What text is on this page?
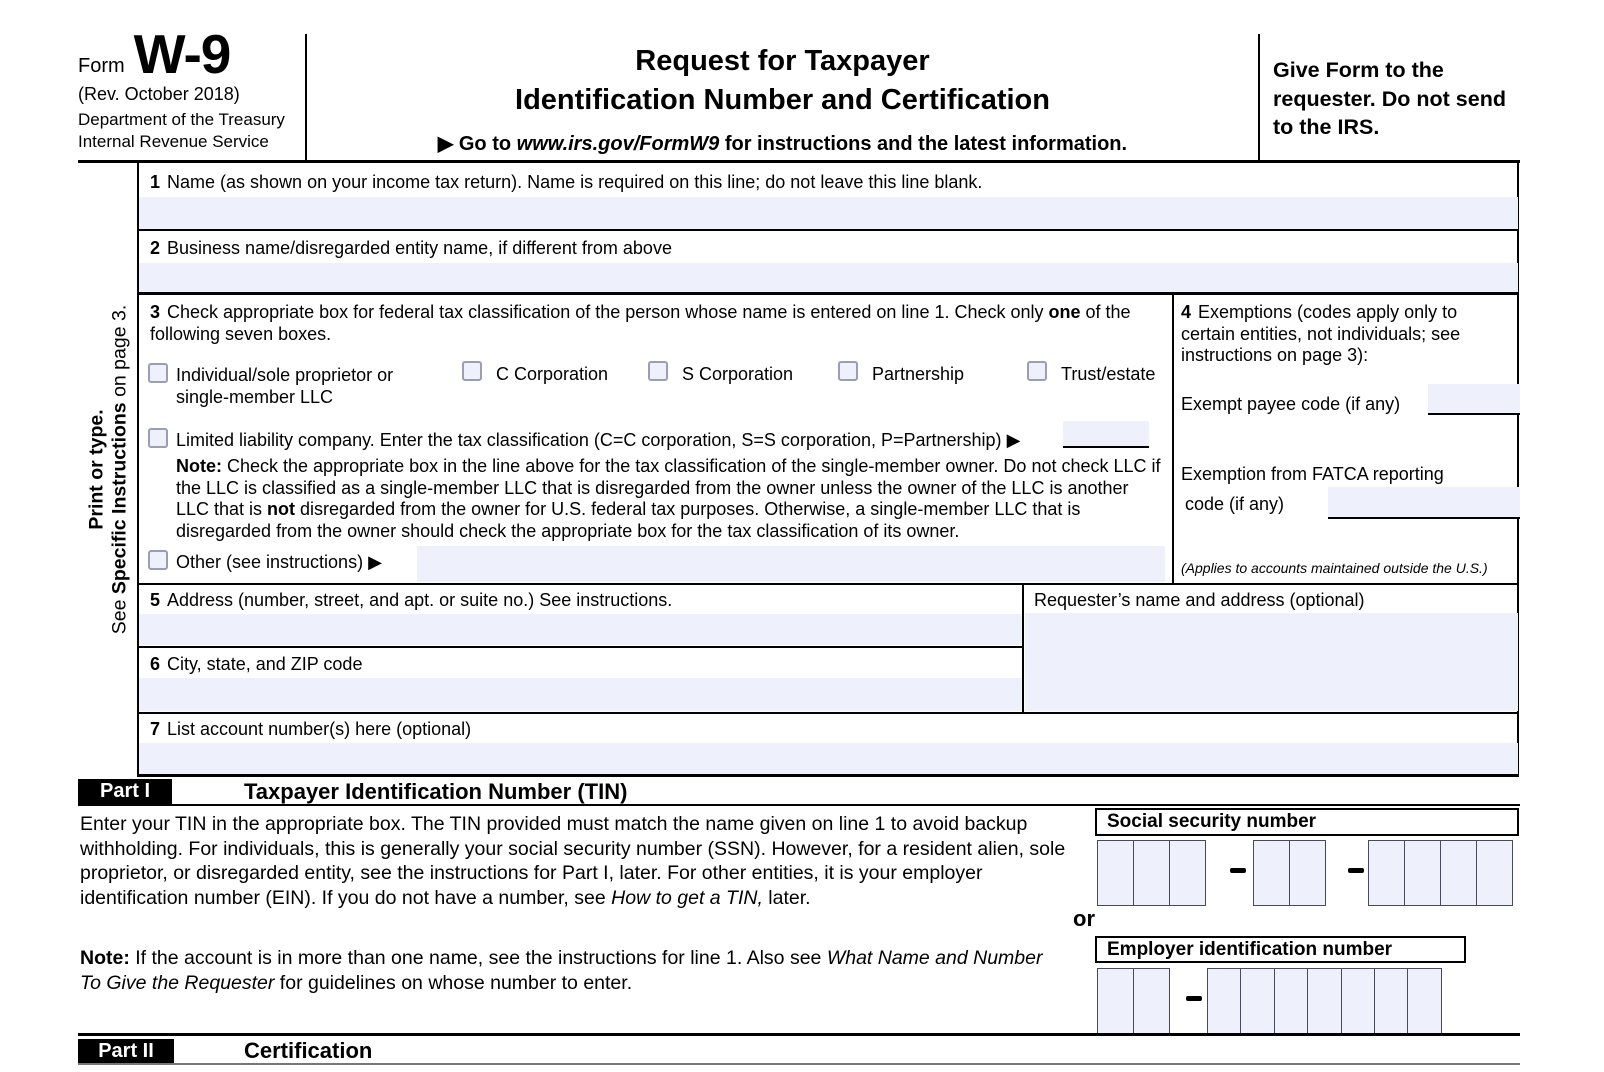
Form W-9
(Rev. October 2018)
Department of the Treasury
Internal Revenue Service
Request for Taxpayer
Identification Number and Certification
▶ Go to www.irs.gov/FormW9 for instructions and the latest information.
Give Form to the requester. Do not send to the IRS.
Print or type.
See Specific Instructions on page 3.
1 Name (as shown on your income tax return). Name is required on this line; do not leave this line blank.
2 Business name/disregarded entity name, if different from above
3 Check appropriate box for federal tax classification of the person whose name is entered on line 1. Check only one of the following seven boxes.
Individual/sole proprietor or single-member LLC
C Corporation	S Corporation	Partnership	Trust/estate
Limited liability company. Enter the tax classification (C=C corporation, S=S corporation, P=Partnership) ▶
Note: Check the appropriate box in the line above for the tax classification of the single-member owner. Do not check LLC if the LLC is classified as a single-member LLC that is disregarded from the owner unless the owner of the LLC is another LLC that is not disregarded from the owner for U.S. federal tax purposes. Otherwise, a single-member LLC that is disregarded from the owner should check the appropriate box for the tax classification of its owner.
Other (see instructions) ▶
4 Exemptions (codes apply only to certain entities, not individuals; see instructions on page 3):
Exempt payee code (if any)
Exemption from FATCA reporting
code (if any)
(Applies to accounts maintained outside the U.S.)
5 Address (number, street, and apt. or suite no.) See instructions.
6 City, state, and ZIP code
Requester’s name and address (optional)
7 List account number(s) here (optional)
Part I	Taxpayer Identification Number (TIN)
Enter your TIN in the appropriate box. The TIN provided must match the name given on line 1 to avoid backup withholding. For individuals, this is generally your social security number (SSN). However, for a resident alien, sole proprietor, or disregarded entity, see the instructions for Part I, later. For other entities, it is your employer identification number (EIN). If you do not have a number, see How to get a TIN, later.
Note: If the account is in more than one name, see the instructions for line 1. Also see What Name and Number To Give the Requester for guidelines on whose number to enter.
Social security number
or
Employer identification number
Part II	Certification
